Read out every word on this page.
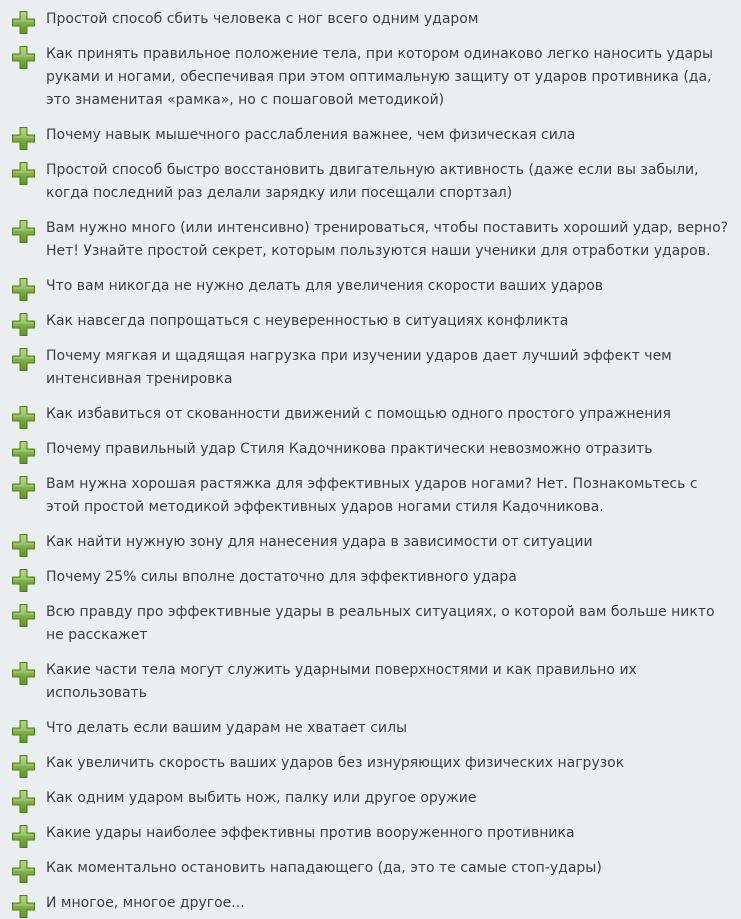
Простой способ сбить человека с ног всего одним ударом
Как принять правильное положение тела, при котором одинаково легко наносить удары руками и ногами, обеспечивая при этом оптимальную защиту от ударов противника (да, это знаменитая «рамка», но с пошаговой методикой)
Почему навык мышечного расслабления важнее, чем физическая сила
Простой способ быстро восстановить двигательную активность (даже если вы забыли, когда последний раз делали зарядку или посещали спортзал)
Вам нужно много (или интенсивно) тренироваться, чтобы поставить хороший удар, верно? Нет! Узнайте простой секрет, которым пользуются наши ученики для отработки ударов.
Что вам никогда не нужно делать для увеличения скорости ваших ударов
Как навсегда попрощаться с неуверенностью в ситуациях конфликта
Почему мягкая и щадящая нагрузка при изучении ударов дает лучший эффект чем интенсивная тренировка
Как избавиться от скованности движений с помощью одного простого упражнения
Почему правильный удар Стиля Кадочникова практически невозможно отразить
Вам нужна хорошая растяжка для эффективных ударов ногами? Нет. Познакомьтесь с этой простой методикой эффективных ударов ногами стиля Кадочникова.
Как найти нужную зону для нанесения удара в зависимости от ситуации
Почему 25% силы вполне достаточно для эффективного удара
Всю правду про эффективные удары в реальных ситуациях, о которой вам больше никто не расскажет
Какие части тела могут служить ударными поверхностями и как правильно их использовать
Что делать если вашим ударам не хватает силы
Как увеличить скорость ваших ударов без изнуряющих физических нагрузок
Как одним ударом выбить нож, палку или другое оружие
Какие удары наиболее эффективны против вооруженного противника
Как моментально остановить нападающего (да, это те самые стоп-удары)
И многое, многое другое...
